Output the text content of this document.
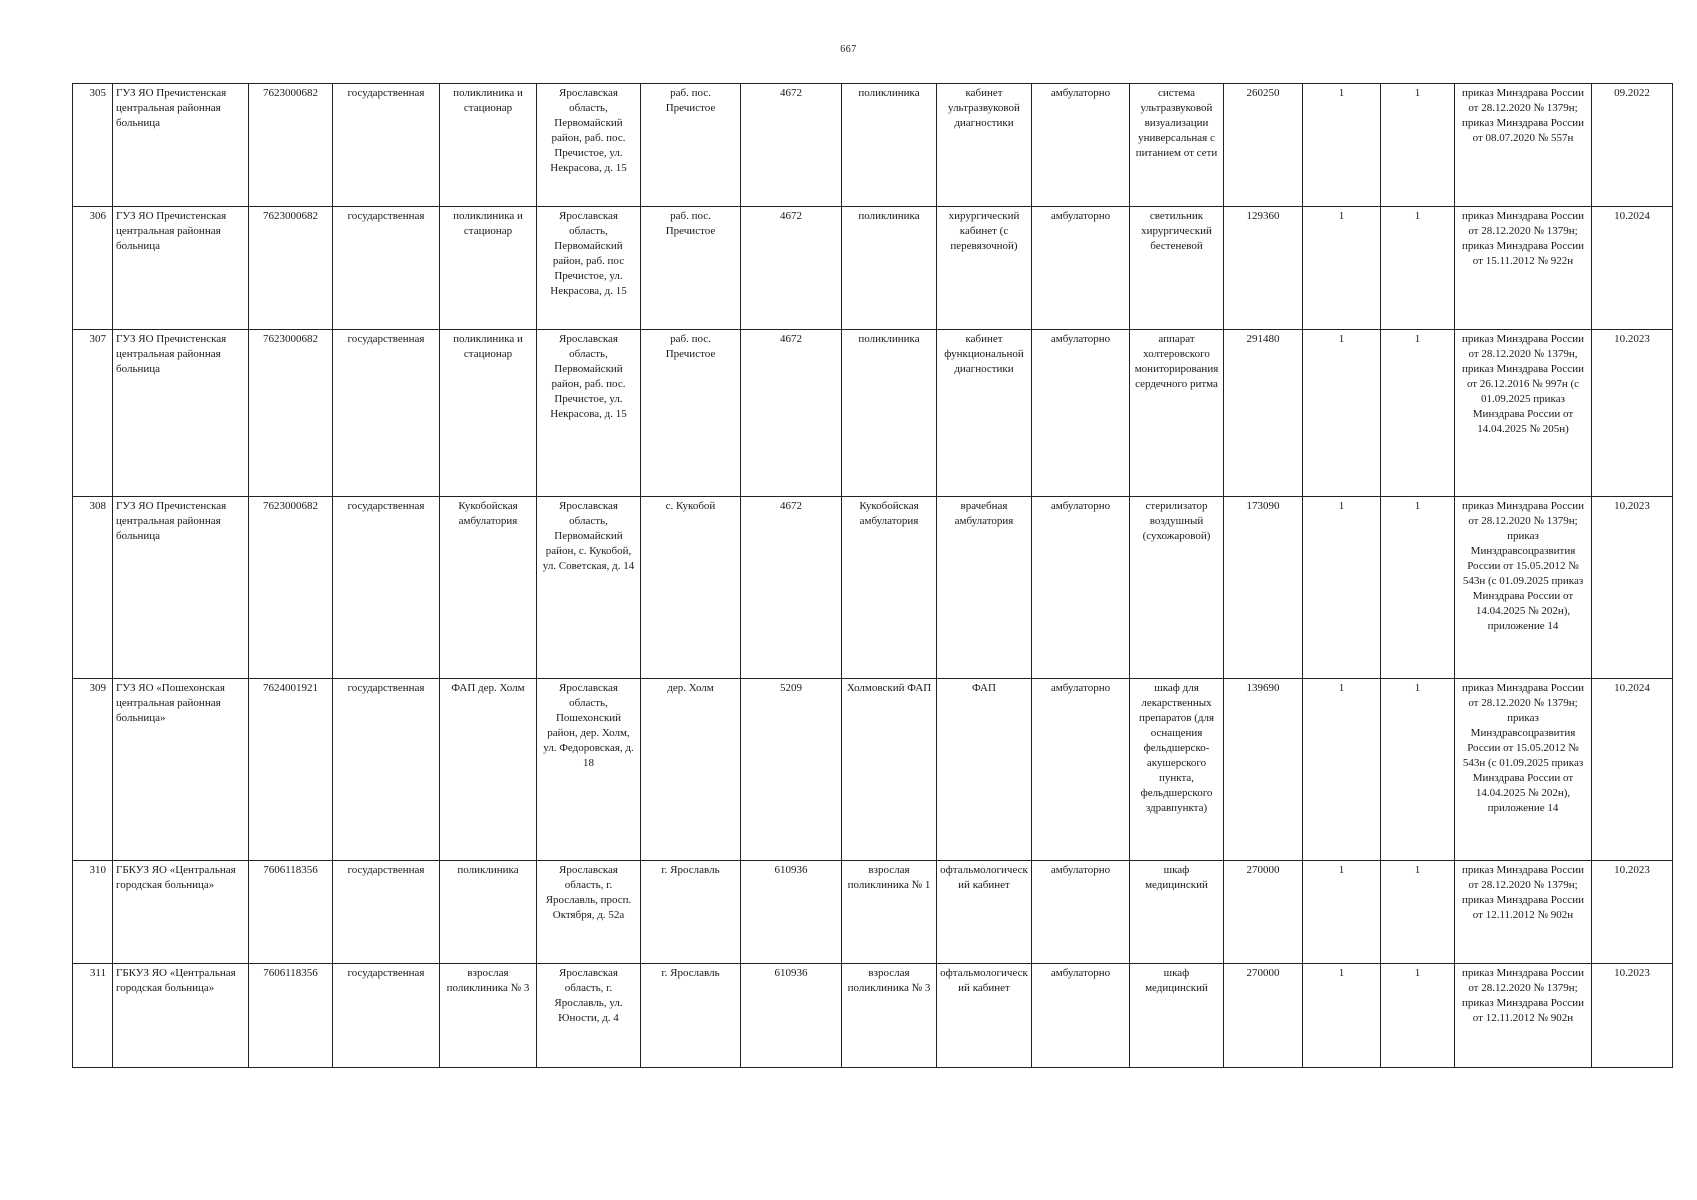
667
305	ГУЗ ЯО Пречистенская центральная районная больница	7623000682	государственная	поликлиника и стационар	Ярославская область, Первомайский район, раб. пос. Пречистое, ул. Некрасова, д. 15	раб. пос. Пречистое	4672	поликлиника	кабинет ультразвуковой диагностики	амбулаторно	система ультразвуковой визуализации универсальная с питанием от сети	260250	1	1	приказ Минздрава России от 28.12.2020 № 1379н; приказ Минздрава России от 08.07.2020 № 557н	09.2022
306	ГУЗ ЯО Пречистенская центральная районная больница	7623000682	государственная	поликлиника и стационар	Ярославская область, Первомайский район, раб. пос Пречистое, ул. Некрасова, д. 15	раб. пос. Пречистое	4672	поликлиника	хирургический кабинет (с перевязочной)	амбулаторно	светильник хирургический бестеневой	129360	1	1	приказ Минздрава России от 28.12.2020 № 1379н; приказ Минздрава России от 15.11.2012 № 922н	10.2024
307	ГУЗ ЯО Пречистенская центральная районная больница	7623000682	государственная	поликлиника и стационар	Ярославская область, Первомайский район, раб. пос. Пречистое, ул. Некрасова, д. 15	раб. пос. Пречистое	4672	поликлиника	кабинет функциональной диагностики	амбулаторно	аппарат холтеровского мониторирования сердечного ритма	291480	1	1	приказ Минздрава России от 28.12.2020 № 1379н, приказ Минздрава России от 26.12.2016 № 997н (с 01.09.2025 приказ Минздрава России от 14.04.2025 № 205н)	10.2023
308	ГУЗ ЯО Пречистенская центральная районная больница	7623000682	государственная	Кукобойская амбулатория	Ярославская область, Первомайский район, с. Кукобой, ул. Советская, д. 14	с. Кукобой	4672	Кукобойская амбулатория	врачебная амбулатория	амбулаторно	стерилизатор воздушный (сухожаровой)	173090	1	1	приказ Минздрава России от 28.12.2020 № 1379н; приказ Минздравсоцразвития России от 15.05.2012 № 543н (с 01.09.2025 приказ Минздрава России от 14.04.2025 № 202н), приложение 14	10.2023
309	ГУЗ ЯО «Пошехонская центральная районная больница»	7624001921	государственная	ФАП дер. Холм	Ярославская область, Пошехонский район, дер. Холм, ул. Федоровская, д. 18	дер. Холм	5209	Холмовский ФАП	ФАП	амбулаторно	шкаф для лекарственных препаратов (для оснащения фельдшерско-акушерского пункта, фельдшерского здравпункта)	139690	1	1	приказ Минздрава России от 28.12.2020 № 1379н; приказ Минздравсоцразвития России от 15.05.2012 № 543н (с 01.09.2025 приказ Минздрава России от 14.04.2025 № 202н), приложение 14	10.2024
310	ГБКУЗ ЯО «Центральная городская больница»	7606118356	государственная	поликлиника	Ярославская область, г. Ярославль, просп. Октября, д. 52а	г. Ярославль	610936	взрослая поликлиника № 1	офтальмологический кабинет	амбулаторно	шкаф медицинский	270000	1	1	приказ Минздрава России от 28.12.2020 № 1379н; приказ Минздрава России от 12.11.2012 № 902н	10.2023
311	ГБКУЗ ЯО «Центральная городская больница»	7606118356	государственная	взрослая поликлиника № 3	Ярославская область, г. Ярославль, ул. Юности, д. 4	г. Ярославль	610936	взрослая поликлиника № 3	офтальмологический кабинет	амбулаторно	шкаф медицинский	270000	1	1	приказ Минздрава России от 28.12.2020 № 1379н; приказ Минздрава России от 12.11.2012 № 902н	10.2023
